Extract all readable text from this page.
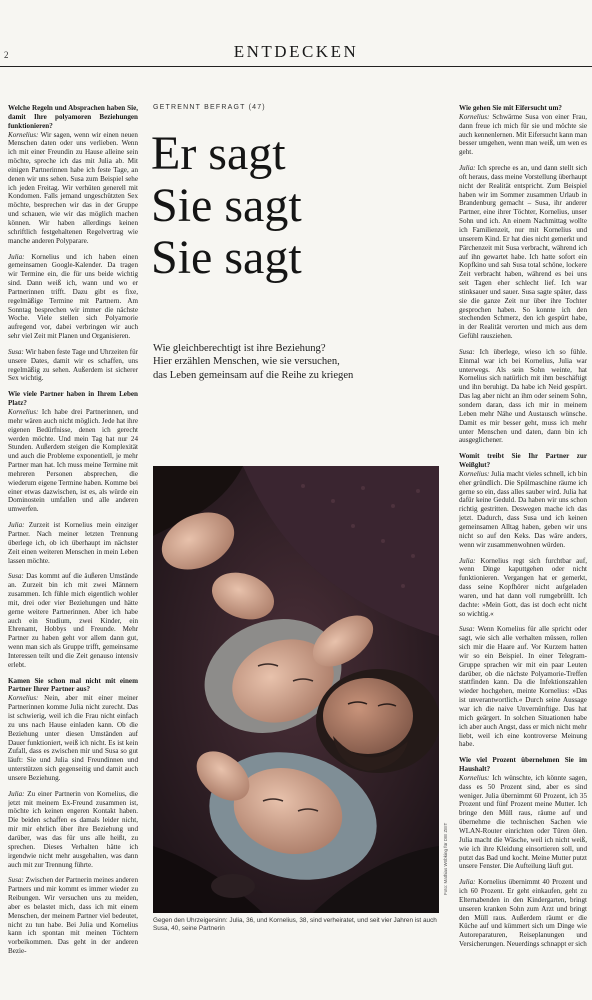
2	ENTDECKEN

Welche Regeln und Absprachen haben Sie, damit Ihre polyamoren Beziehungen funktionieren?

Kornelius: Wir sagen, wenn wir einen neuen Menschen daten oder uns verlieben. Wenn ich mit einer Freundin zu Hause alleine sein möchte, spreche ich das mit Julia ab. Mit einigen Partnerinnen habe ich feste Tage, an denen wir uns sehen. Susa zum Beispiel sehe ich jeden Freitag. Wir verhüten generell mit Kondomen. Falls jemand ungeschützten Sex möchte, besprechen wir das in der Gruppe und schauen, wie wir das möglich machen können. Wir haben allerdings keinen schriftlich festgehaltenen Regelvertrag wie manche anderen Polyparare.

Julia: Kornelius und ich haben einen gemeinsamen Google-Kalender. Da tragen wir Termine ein, die für uns beide wichtig sind. Dann weiß ich, wann und wo er Partnerinnen trifft. Dazu gibt es fixe, regelmäßige Termine mit Partnern. Am Sonntag besprechen wir immer die nächste Woche. Viele stellen sich Polyamorie aufregend vor, dabei verbringen wir auch sehr viel Zeit mit Planen und Organisieren.

Susa: Wir haben feste Tage und Uhrzeiten für unsere Dates, damit wir es schaffen, uns regelmäßig zu sehen. Außerdem ist sicherer Sex wichtig.

Wie viele Partner haben in Ihrem Leben Platz?

Kornelius: Ich habe drei Partnerinnen, und mehr wären auch nicht möglich. Jede hat ihre eigenen Bedürfnisse, denen ich gerecht werden möchte. Und mein Tag hat nur 24 Stunden. Außerdem steigen die Komplexität und auch die Probleme exponentiell, je mehr Partner man hat. Ich muss meine Termine mit mehreren Personen absprechen, die wiederum eigene Termine haben. Komme bei einer etwas dazwischen, ist es, als würde ein Dominostein umfallen und alle anderen umwerfen.

Julia: Zurzeit ist Kornelius mein einziger Partner. Nach meiner letzten Trennung überlege ich, ob ich überhaupt im nächster Zeit einen weiteren Menschen in mein Leben lassen möchte.

Susa: Das kommt auf die äußeren Umstände an. Zurzeit bin ich mit zwei Männern zusammen. Ich fühle mich eigentlich wohler mit, drei oder vier Beziehungen und hätte gerne weitere Partnerinnen. Aber ich habe auch ein Studium, zwei Kinder, ein Ehrenamt, Hobbys und Freunde. Mehr Partner zu haben geht vor allem dann gut, wenn man sich als Gruppe trifft, gemeinsame Interessen teilt und die Zeit genauso intensiv erlebt.

Kamen Sie schon mal nicht mit einem Partner Ihrer Partner aus?

Kornelius: Nein, aber mit einer meiner Partnerinnen komme Julia nicht zurecht. Das ist schwierig, weil ich die Frau nicht einfach zu uns nach Hause einladen kann. Ob die Beziehung unter diesen Umständen auf Dauer funktioniert, weiß ich nicht. Es ist kein Zufall, dass es zwischen mir und Susa so gut läuft: Sie und Julia sind Freundinnen und unterstützen sich gegenseitig und damit auch unsere Beziehung.

Julia: Zu einer Partnerin von Kornelius, die jetzt mit meinem Ex-Freund zusammen ist, möchte ich keinen engeren Kontakt haben. Die beiden schaffen es damals leider nicht, mir mir ehrlich über ihre Beziehung und darüber, was das für uns alle heißt, zu sprechen. Dieses Verhalten hätte ich irgendwie nicht mehr ausgehalten, was dann auch mit zur Trennung führte.

Susa: Zwischen der Partnerin meines anderen Partners und mir kommt es immer wieder zu Reibungen. Wir versuchen uns zu meiden, aber es belastet mich, dass ich mit einem Menschen, der meinem Partner viel bedeutet, nicht zu tun habe. Bei Julia und Kornelius kann ich spontan mit meinen Töchtern vorbeikommen. Das geht in der anderen Bezie-

GETRENNT BEFRAGT (47)
Er sagt
Sie sagt
Sie sagt
Wie gleichberechtigt ist ihre Beziehung?
Hier erzählen Menschen, wie sie versuchen,
das Leben gemeinsam auf die Reihe zu kriegen
Foto: Mathias Wöbking für DIE ZEIT
Gegen den Uhrzeigersinn: Julia, 36, und Kornelius, 38, sind verheiratet, und seit vier Jahren ist auch Susa, 40, seine Partnerin

Wie gehen Sie mit Eifersucht um?

Kornelius: Schwärme Susa von einer Frau, dann freue ich mich für sie und möchte sie auch kennenlernen. Mit Eifersucht kann man besser umgehen, wenn man weiß, um wen es geht.

Julia: Ich spreche es an, und dann stellt sich oft heraus, dass meine Vorstellung überhaupt nicht der Realität entspricht. Zum Beispiel haben wir im Sommer zusammen Urlaub in Brandenburg gemacht – Susa, ihr anderer Partner, eine ihrer Töchter, Kornelius, unser Sohn und ich. An einem Nachmittag wollte ich Familienzeit, nur mit Kornelius und unserem Kind. Er hat dies nicht gemerkt und Pärchenzeit mit Susa verbracht, während ich auf ihn gewartet habe. Ich hatte sofort ein Kopfkino und sah Susa total schöne, lockere Zeit verbracht haben, während es bei uns seit Tagen eher schlecht lief. Ich war stinksauer und sauer. Susa sagte später, dass sie die ganze Zeit nur über ihre Tochter gesprochen haben. So konnte ich den stechenden Schmerz, den ich gespürt habe, in der Realität verorten und mich aus dem Gefühl rausziehen.

Susa: Ich überlege, wieso ich so fühle. Einmal war ich bei Kornelius, Julia war unterwegs. Als sein Sohn weinte, hat Kornelius sich natürlich mit ihm beschäftigt und ihn beruhigt. Da habe ich Neid gespürt. Das lag aber nicht an ihm oder seinem Sohn, sondern daran, dass ich mir in meinem Leben mehr Nähe und Austausch wünsche. Damit es mir besser geht, muss ich mehr unter Menschen und daten, dann bin ich ausgeglichener.

Womit treibt Sie Ihr Partner zur Weißglut?

Kornelius: Julia macht vieles schnell, ich bin eher gründlich. Die Spülmaschine räume ich gerne so ein, dass alles sauber wird. Julia hat dafür keine Geduld. Da haben wir uns schon richtig gestritten. Deswegen mache ich das jetzt. Dadurch, dass Susa und ich keinen gemeinsamen Alltag haben, geben wir uns nicht so auf den Keks. Das wäre anders, wenn wir zusammenwohnen würden.

Julia: Kornelius regt sich furchtbar auf, wenn Dinge kaputtgehen oder nicht funktionieren. Vergangen hat er gemerkt, dass seine Kopfhörer nicht aufgeladen waren, und hat dann voll rumgebrüllt. Ich dachte: »Mein Gott, das ist doch echt nicht so wichtig.«

Susa: Wenn Kornelius für alle spricht oder sagt, wie sich alle verhalten müssen, rollen sich mir die Haare auf. Vor Kurzem hatten wir so ein Beispiel. In einer Telegram-Gruppe sprachen wir mit ein paar Leuten darüber, ob die nächste Polyamorie-Treffen stattfinden kann. Da die Infektionszahlen wieder hochgehen, meinte Kornelius: »Das ist unverantwortlich.« Durch seine Aussage war ich die naive Unvernünftige. Das hat mich geärgert. In solchen Situationen habe ich aber auch Angst, dass er mich nicht mehr liebt, weil ich eine kontroverse Meinung habe.

Wie viel Prozent übernehmen Sie im Haushalt?

Kornelius: Ich wünschte, ich könnte sagen, dass es 50 Prozent sind, aber es sind weniger. Julia übernimmt 60 Prozent, ich 35 Prozent und fünf Prozent meine Mutter. Ich bringe den Müll raus, räume auf und übernehme die technischen Sachen wie WLAN-Router einrichten oder Türen ölen. Julia macht die Wäsche, weil ich nicht weiß, wie ich ihre Kleidung einsortieren soll, und putzt das Bad und kocht. Meine Mutter putzt unsere Fenster. Die Aufteilung läuft gut.

Julia: Kornelius übernimmt 40 Prozent und ich 60 Prozent. Er geht einkaufen, geht zu Elternabenden in den Kindergarten, bringt unseren kranken Sohn zum Arzt und bringt den Müll raus. Außerdem räumt er die Küche auf und kümmert sich um Dinge wie Autoreparaturen, Reiseplanungen und Versicherungen. Neuerdings schnappt er sich
